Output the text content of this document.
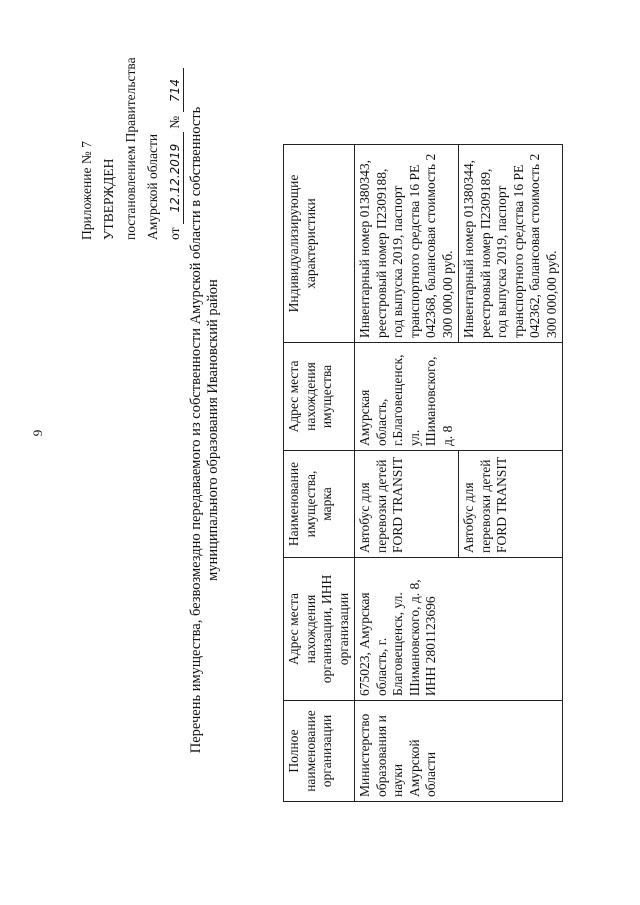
9
Приложение № 7 УТВЕРЖДЕН постановлением Правительства Амурской области от 12.12.2019 № 714
Перечень имущества, безвозмездно передаваемого из собственности Амурской области в собственность муниципального образования Ивановский район
Полное наименование организации	Адрес места нахождения организации, ИНН организации	Наименование имущества, марка	Адрес места нахождения имущества	Индивидуализирующие характеристики
Министерство образования и науки Амурской области	675023, Амурская область, г. Благовещенск, ул. Шимановского, д. 8, ИНН 2801123696	Автобус для перевозки детей FORD TRANSIT	Амурская область, г.Благовещенск, ул. Шимановского, д. 8	Инвентарный номер 01380343, реестровый номер П2309188, год выпуска 2019, паспорт транспортного средства 16 РЕ 042368, балансовая стоимость 2 300 000,00 руб.
		Автобус для перевозки детей FORD TRANSIT		Инвентарный номер 01380344, реестровый номер П2309189, год выпуска 2019, паспорт транспортного средства 16 РЕ 042362, балансовая стоимость 2 300 000,00 руб.
